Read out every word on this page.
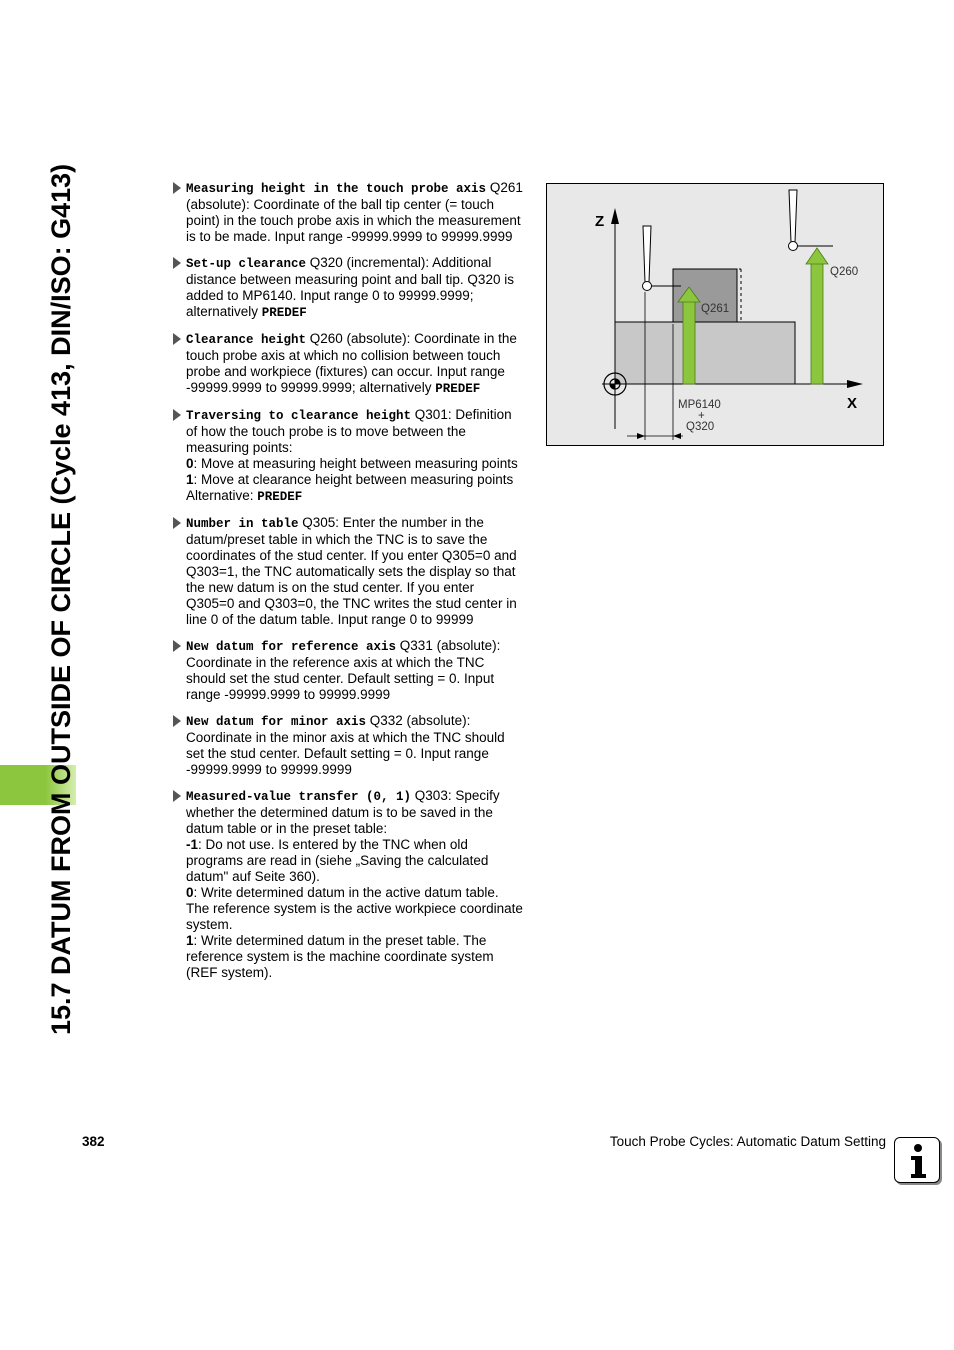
15.7 DATUM FROM OUTSIDE OF CIRCLE (Cycle 413, DIN/ISO: G413)	Measuring height in the touch probe axis Q261 (absolute): Coordinate of the ball tip center (= touch point) in the touch probe axis in which the measurement is to be made. Input range -99999.9999 to 99999.9999
Set-up clearance Q320 (incremental): Additional distance between measuring point and ball tip. Q320 is added to MP6140. Input range 0 to 99999.9999; alternatively PREDEF
Clearance height Q260 (absolute): Coordinate in the touch probe axis at which no collision between touch probe and workpiece (fixtures) can occur. Input range -99999.9999 to 99999.9999; alternatively PREDEF
Traversing to clearance height Q301: Definition of how the touch probe is to move between the measuring points:
0: Move at measuring height between measuring points
1: Move at clearance height between measuring points
Alternative: PREDEF
Number in table Q305: Enter the number in the datum/preset table in which the TNC is to save the coordinates of the stud center. If you enter Q305=0 and Q303=1, the TNC automatically sets the display so that the new datum is on the stud center. If you enter Q305=0 and Q303=0, the TNC writes the stud center in line 0 of the datum table. Input range 0 to 99999
New datum for reference axis Q331 (absolute): Coordinate in the reference axis at which the TNC should set the stud center. Default setting = 0. Input range -99999.9999 to 99999.9999
New datum for minor axis Q332 (absolute): Coordinate in the minor axis at which the TNC should set the stud center. Default setting = 0. Input range -99999.9999 to 99999.9999
Measured-value transfer (0, 1) Q303: Specify whether the determined datum is to be saved in the datum table or in the preset table:
-1: Do not use. Is entered by the TNC when old programs are read in (siehe „Saving the calculated datum" auf Seite 360).
0: Write determined datum in the active datum table. The reference system is the active workpiece coordinate system.
1: Write determined datum in the preset table. The reference system is the machine coordinate system (REF system).
Z
X
Q260
Q261
MP6140
+
Q320
382	Touch Probe Cycles: Automatic Datum Setting
